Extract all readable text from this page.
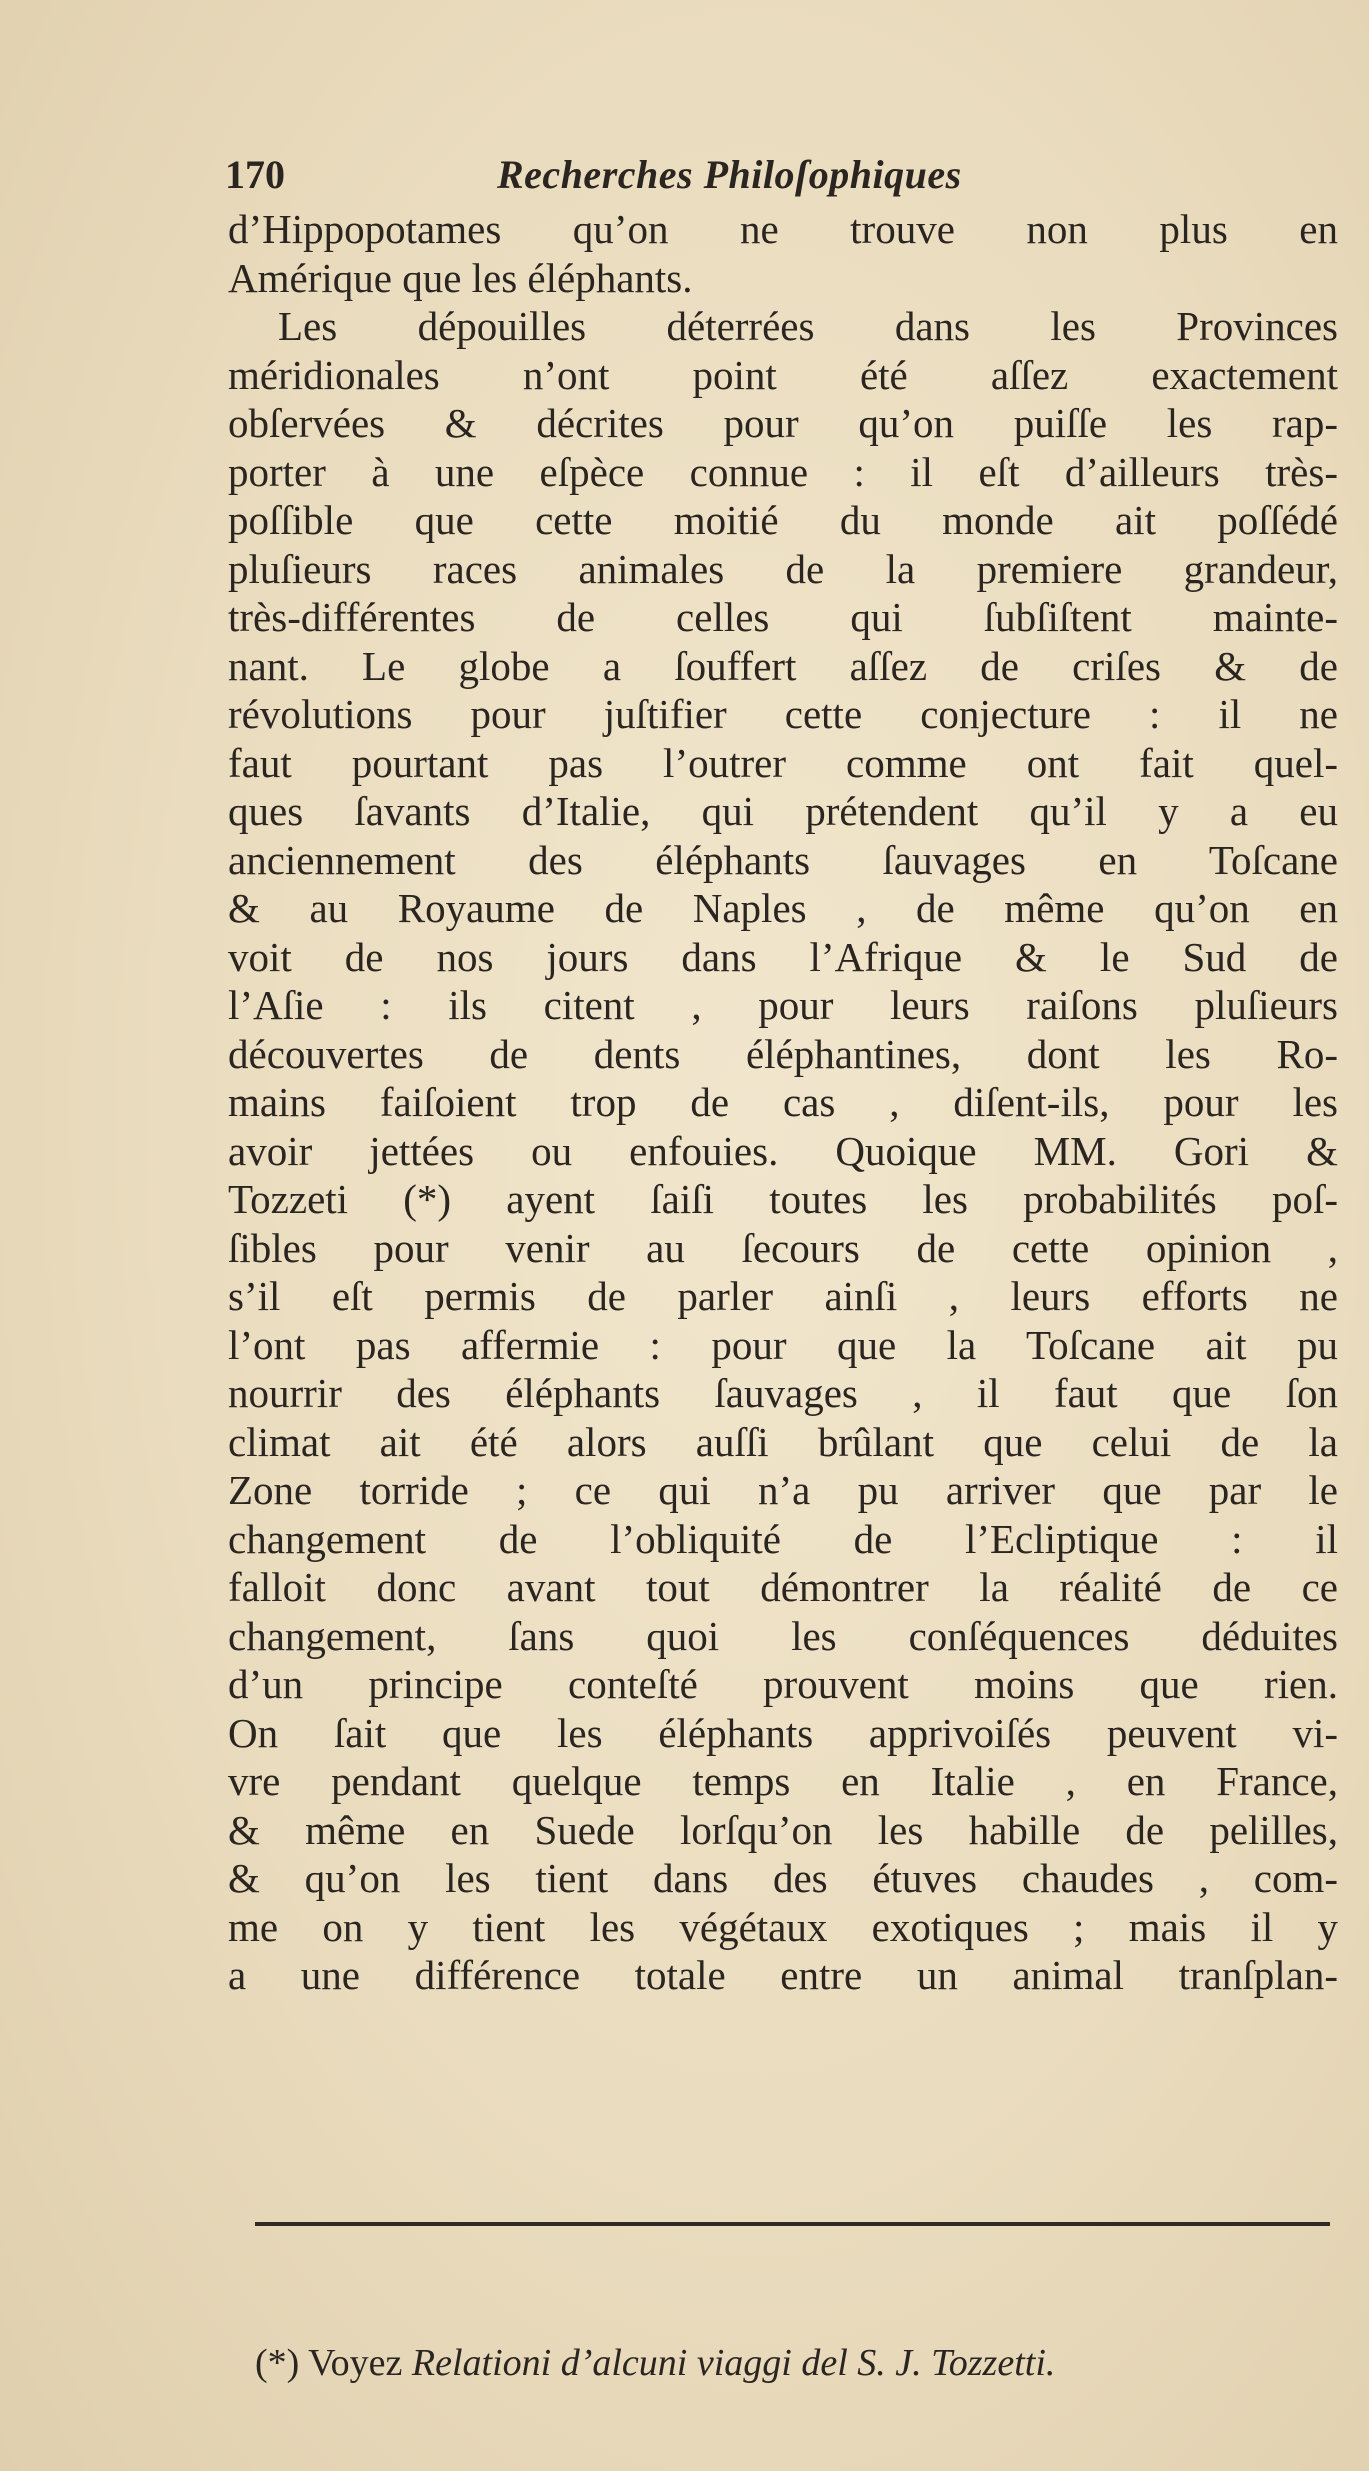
170	Recherches Philoſophiques
d’Hippopotames qu’on ne trouve non plus en
Amérique que les éléphants.
Les dépouilles déterrées dans les Provinces
méridionales n’ont point été aſſez exactement
obſervées & décrites pour qu’on puiſſe les rap-
porter à une eſpèce connue : il eſt d’ailleurs très-
poſſible que cette moitié du monde ait poſſédé
pluſieurs races animales de la premiere grandeur,
très-différentes de celles qui ſubſiſtent mainte-
nant. Le globe a ſouffert aſſez de criſes & de
révolutions pour juſtifier cette conjecture : il ne
faut pourtant pas l’outrer comme ont fait quel-
ques ſavants d’Italie, qui prétendent qu’il y a eu
anciennement des éléphants ſauvages en Toſcane
& au Royaume de Naples , de même qu’on en
voit de nos jours dans l’Afrique & le Sud de
l’Aſie : ils citent , pour leurs raiſons pluſieurs
découvertes de dents éléphantines, dont les Ro-
mains faiſoient trop de cas , diſent-ils, pour les
avoir jettées ou enfouies. Quoique MM. Gori &
Tozzeti (*) ayent ſaiſi toutes les probabilités poſ-
ſibles pour venir au ſecours de cette opinion ,
s’il eſt permis de parler ainſi , leurs efforts ne
l’ont pas affermie : pour que la Toſcane ait pu
nourrir des éléphants ſauvages , il faut que ſon
climat ait été alors auſſi brûlant que celui de la
Zone torride ; ce qui n’a pu arriver que par le
changement de l’obliquité de l’Ecliptique : il
falloit donc avant tout démontrer la réalité de ce
changement, ſans quoi les conſéquences déduites
d’un principe conteſté prouvent moins que rien.
On ſait que les éléphants apprivoiſés peuvent vi-
vre pendant quelque temps en Italie , en France,
& même en Suede lorſqu’on les habille de pelilles,
& qu’on les tient dans des étuves chaudes , com-
me on y tient les végétaux exotiques ; mais il y
a une différence totale entre un animal tranſplan-
(*) Voyez Relationi d’alcuni viaggi del S. J. Tozzetti.
